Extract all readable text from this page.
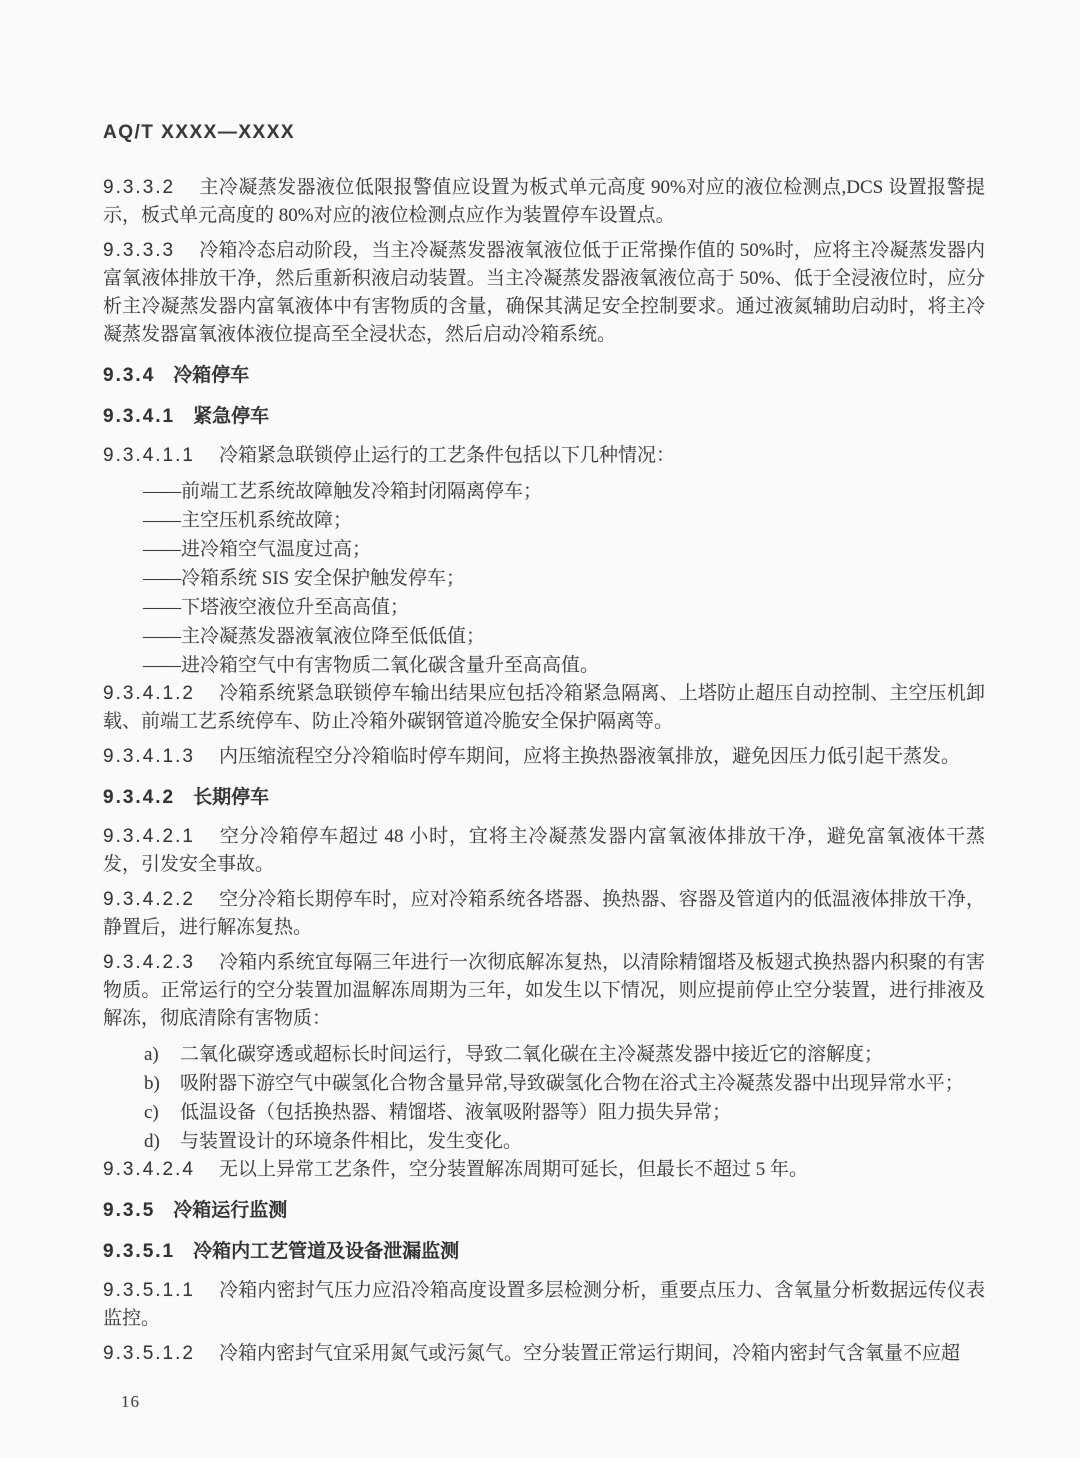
AQ/T XXXX—XXXX
9.3.3.2 主冷凝蒸发器液位低限报警值应设置为板式单元高度 90%对应的液位检测点,DCS 设置报警提示，板式单元高度的 80%对应的液位检测点应作为装置停车设置点。
9.3.3.3 冷箱冷态启动阶段，当主冷凝蒸发器液氧液位低于正常操作值的 50%时，应将主冷凝蒸发器内富氧液体排放干净，然后重新积液启动装置。当主冷凝蒸发器液氧液位高于 50%、低于全浸液位时，应分析主冷凝蒸发器内富氧液体中有害物质的含量，确保其满足安全控制要求。通过液氮辅助启动时，将主冷凝蒸发器富氧液体液位提高至全浸状态，然后启动冷箱系统。
9.3.4 冷箱停车
9.3.4.1 紧急停车
9.3.4.1.1 冷箱紧急联锁停止运行的工艺条件包括以下几种情况：
——前端工艺系统故障触发冷箱封闭隔离停车；
——主空压机系统故障；
——进冷箱空气温度过高；
——冷箱系统 SIS 安全保护触发停车；
——下塔液空液位升至高高值；
——主冷凝蒸发器液氧液位降至低低值；
——进冷箱空气中有害物质二氧化碳含量升至高高值。
9.3.4.1.2 冷箱系统紧急联锁停车输出结果应包括冷箱紧急隔离、上塔防止超压自动控制、主空压机卸载、前端工艺系统停车、防止冷箱外碳钢管道冷脆安全保护隔离等。
9.3.4.1.3 内压缩流程空分冷箱临时停车期间，应将主换热器液氧排放，避免因压力低引起干蒸发。
9.3.4.2 长期停车
9.3.4.2.1 空分冷箱停车超过 48 小时，宜将主冷凝蒸发器内富氧液体排放干净，避免富氧液体干蒸发，引发安全事故。
9.3.4.2.2 空分冷箱长期停车时，应对冷箱系统各塔器、换热器、容器及管道内的低温液体排放干净，静置后，进行解冻复热。
9.3.4.2.3 冷箱内系统宜每隔三年进行一次彻底解冻复热，以清除精馏塔及板翅式换热器内积聚的有害物质。正常运行的空分装置加温解冻周期为三年，如发生以下情况，则应提前停止空分装置，进行排液及解冻，彻底清除有害物质：
a) 二氧化碳穿透或超标长时间运行，导致二氧化碳在主冷凝蒸发器中接近它的溶解度；
b) 吸附器下游空气中碳氢化合物含量异常,导致碳氢化合物在浴式主冷凝蒸发器中出现异常水平；
c) 低温设备（包括换热器、精馏塔、液氧吸附器等）阻力损失异常；
d) 与装置设计的环境条件相比，发生变化。
9.3.4.2.4 无以上异常工艺条件，空分装置解冻周期可延长，但最长不超过 5 年。
9.3.5 冷箱运行监测
9.3.5.1 冷箱内工艺管道及设备泄漏监测
9.3.5.1.1 冷箱内密封气压力应沿冷箱高度设置多层检测分析，重要点压力、含氧量分析数据远传仪表监控。
9.3.5.1.2 冷箱内密封气宜采用氮气或污氮气。空分装置正常运行期间，冷箱内密封气含氧量不应超
16
